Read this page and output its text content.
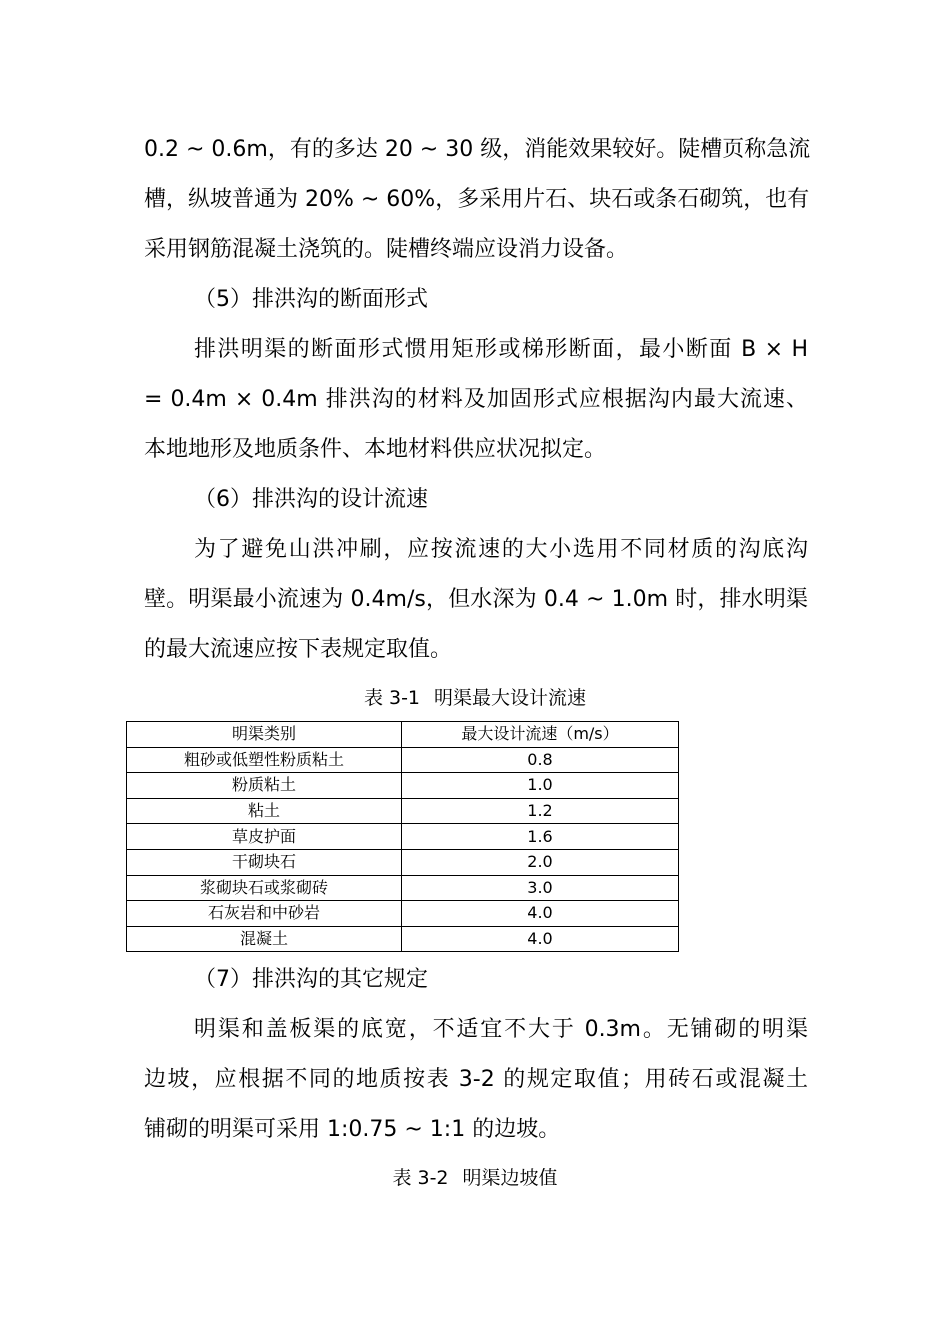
0.2 ~ 0.6m，有的多达 20 ~ 30 级，消能效果较好。陡槽页称急流

槽，纵坡普通为 20% ~ 60%，多采用片石、块石或条石砌筑，也有

采用钢筋混凝土浇筑的。陡槽终端应设消力设备。

（5）排洪沟的断面形式

排洪明渠的断面形式惯用矩形或梯形断面，最小断面 B × H

= 0.4m × 0.4m 排洪沟的材料及加固形式应根据沟内最大流速、

本地地形及地质条件、本地材料供应状况拟定。

（6）排洪沟的设计流速

为了避免山洪冲刷，应按流速的大小选用不同材质的沟底沟

壁。明渠最小流速为 0.4m/s，但水深为 0.4 ~ 1.0m 时，排水明渠

的最大流速应按下表规定取值。

表 3-1 明渠最大设计流速

明渠类别	最大设计流速（m/s）
粗砂或低塑性粉质粘土	0.8
粉质粘土	1.0
粘土	1.2
草皮护面	1.6
干砌块石	2.0
浆砌块石或浆砌砖	3.0
石灰岩和中砂岩	4.0
混凝土	4.0

（7）排洪沟的其它规定

明渠和盖板渠的底宽，不适宜不大于 0.3m。无铺砌的明渠

边坡，应根据不同的地质按表 3-2 的规定取值；用砖石或混凝土

铺砌的明渠可采用 1:0.75 ~ 1:1 的边坡。

表 3-2 明渠边坡值
